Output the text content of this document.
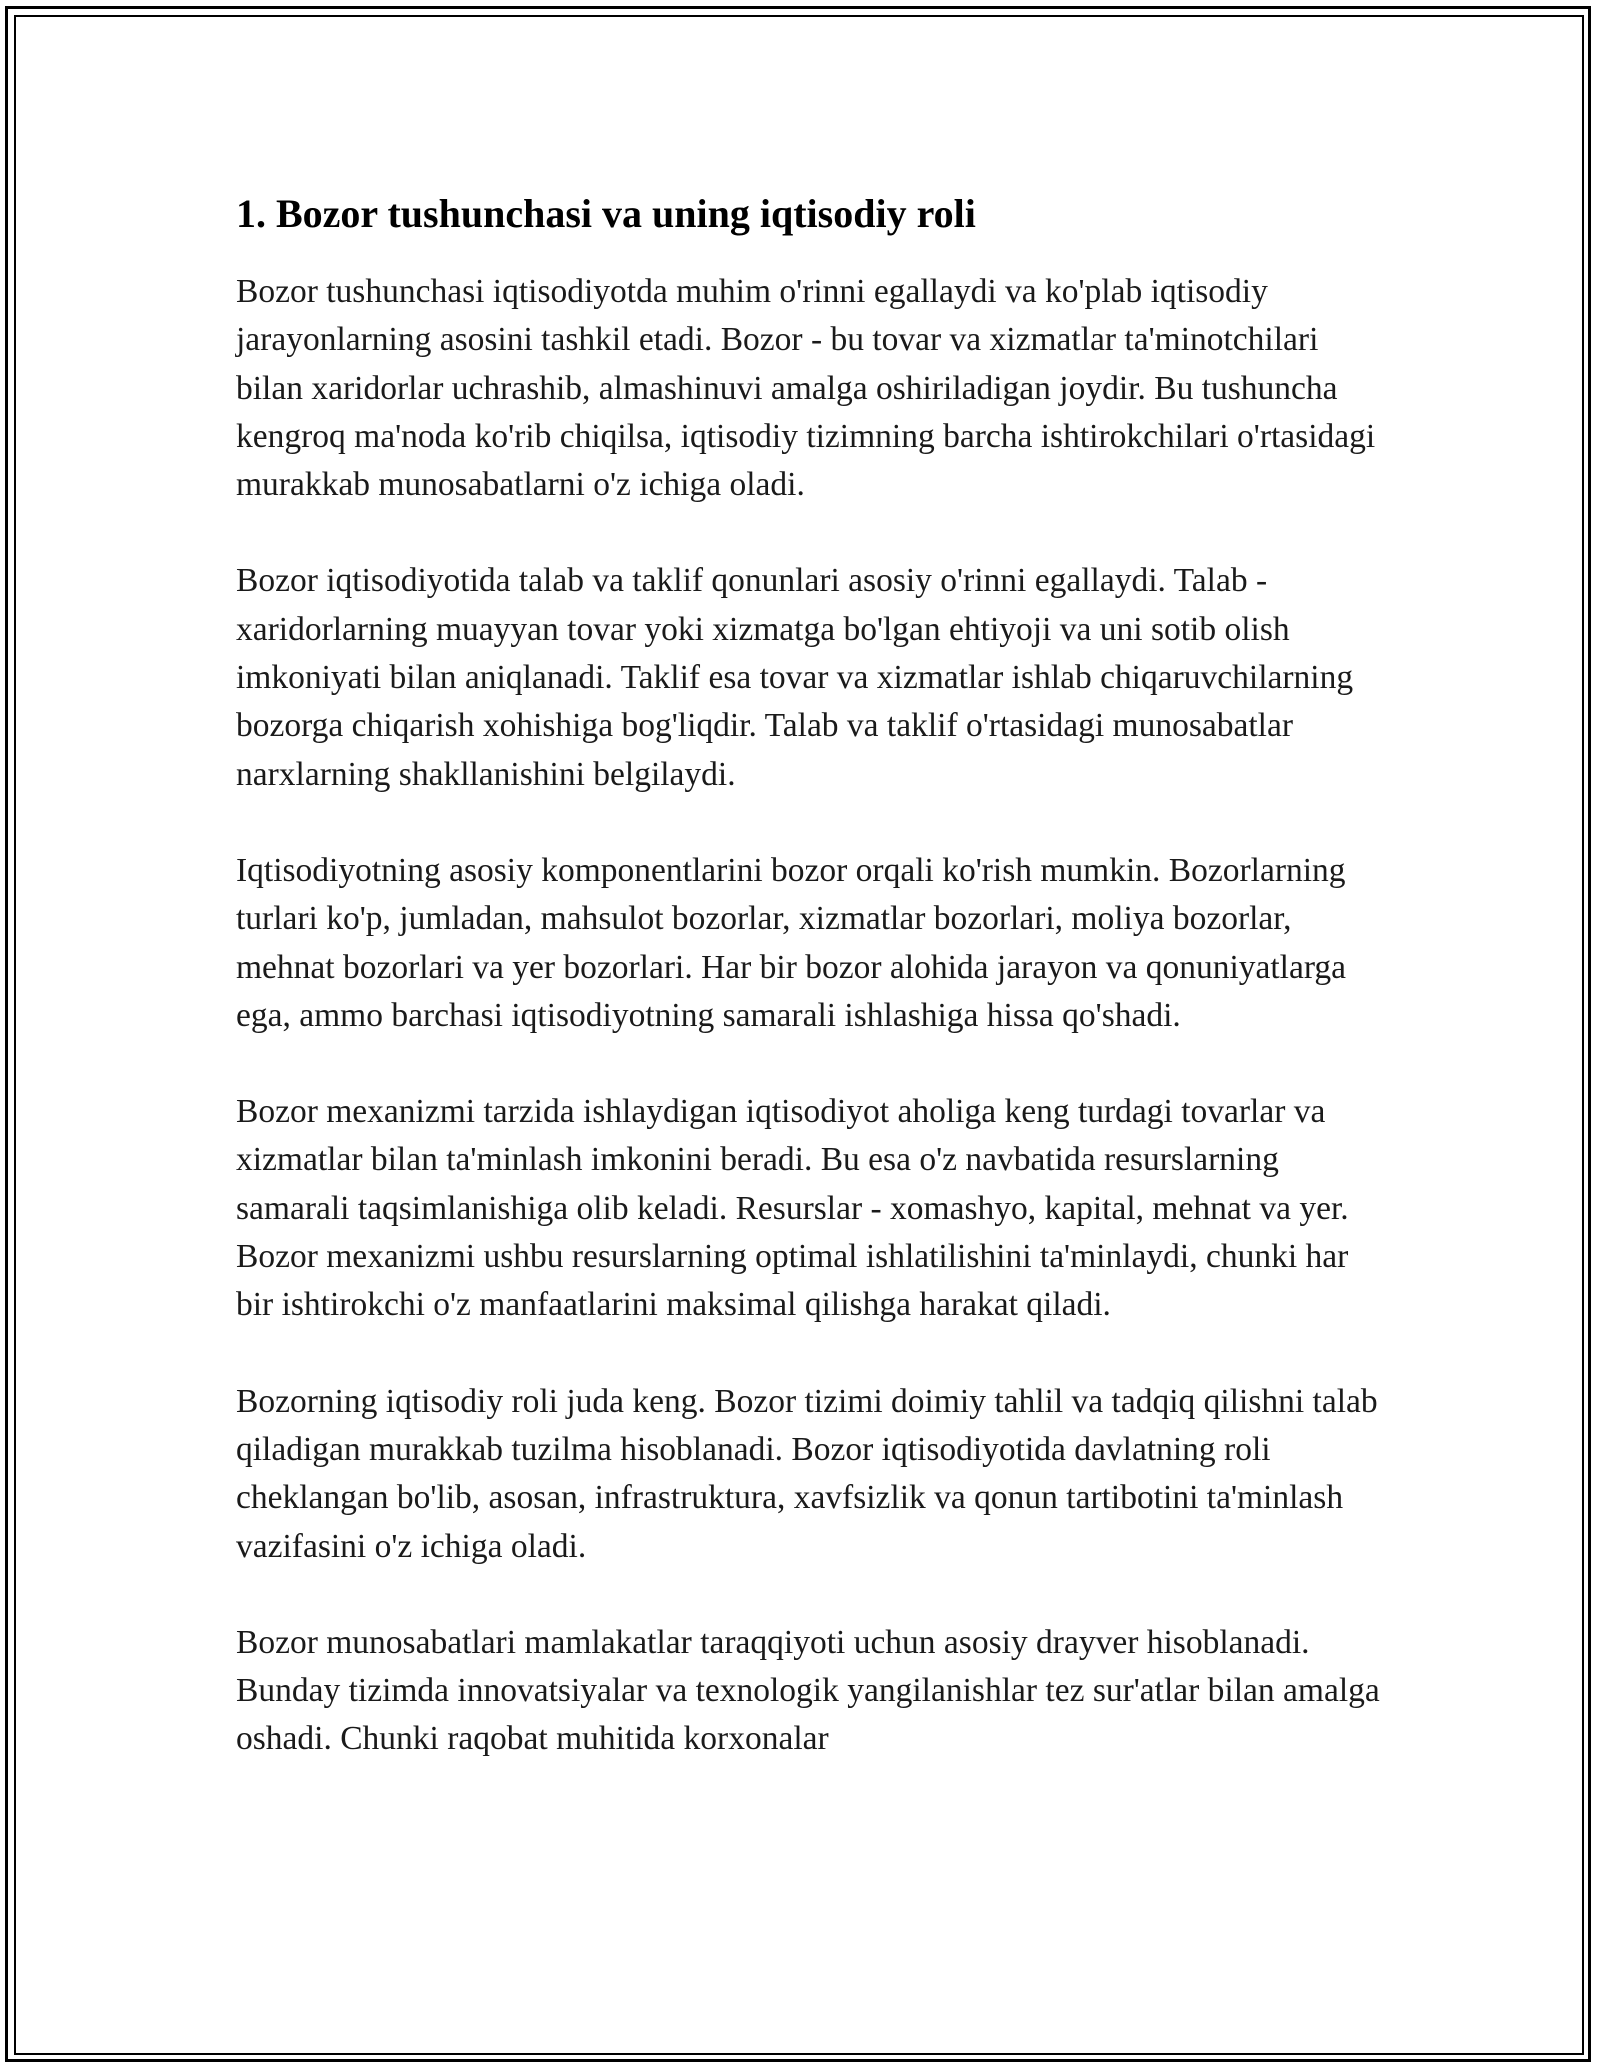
1. Bozor tushunchasi va uning iqtisodiy roli

Bozor tushunchasi iqtisodiyotda muhim o'rinni egallaydi va ko'plab iqtisodiy jarayonlarning asosini tashkil etadi. Bozor - bu tovar va xizmatlar ta'minotchilari bilan xaridorlar uchrashib, almashinuvi amalga oshiriladigan joydir. Bu tushuncha kengroq ma'noda ko'rib chiqilsa, iqtisodiy tizimning barcha ishtirokchilari o'rtasidagi murakkab munosabatlarni o'z ichiga oladi.

Bozor iqtisodiyotida talab va taklif qonunlari asosiy o'rinni egallaydi. Talab - xaridorlarning muayyan tovar yoki xizmatga bo'lgan ehtiyoji va uni sotib olish imkoniyati bilan aniqlanadi. Taklif esa tovar va xizmatlar ishlab chiqaruvchilarning bozorga chiqarish xohishiga bog'liqdir. Talab va taklif o'rtasidagi munosabatlar narxlarning shakllanishini belgilaydi.

Iqtisodiyotning asosiy komponentlarini bozor orqali ko'rish mumkin. Bozorlarning turlari ko'p, jumladan, mahsulot bozorlar, xizmatlar bozorlari, moliya bozorlar, mehnat bozorlari va yer bozorlari. Har bir bozor alohida jarayon va qonuniyatlarga ega, ammo barchasi iqtisodiyotning samarali ishlashiga hissa qo'shadi.

Bozor mexanizmi tarzida ishlaydigan iqtisodiyot aholiga keng turdagi tovarlar va xizmatlar bilan ta'minlash imkonini beradi. Bu esa o'z navbatida resurslarning samarali taqsimlanishiga olib keladi. Resurslar - xomashyo, kapital, mehnat va yer. Bozor mexanizmi ushbu resurslarning optimal ishlatilishini ta'minlaydi, chunki har bir ishtirokchi o'z manfaatlarini maksimal qilishga harakat qiladi.

Bozorning iqtisodiy roli juda keng. Bozor tizimi doimiy tahlil va tadqiq qilishni talab qiladigan murakkab tuzilma hisoblanadi. Bozor iqtisodiyotida davlatning roli cheklangan bo'lib, asosan, infrastruktura, xavfsizlik va qonun tartibotini ta'minlash vazifasini o'z ichiga oladi.

Bozor munosabatlari mamlakatlar taraqqiyoti uchun asosiy drayver hisoblanadi. Bunday tizimda innovatsiyalar va texnologik yangilanishlar tez sur'atlar bilan amalga oshadi. Chunki raqobat muhitida korxonalar
